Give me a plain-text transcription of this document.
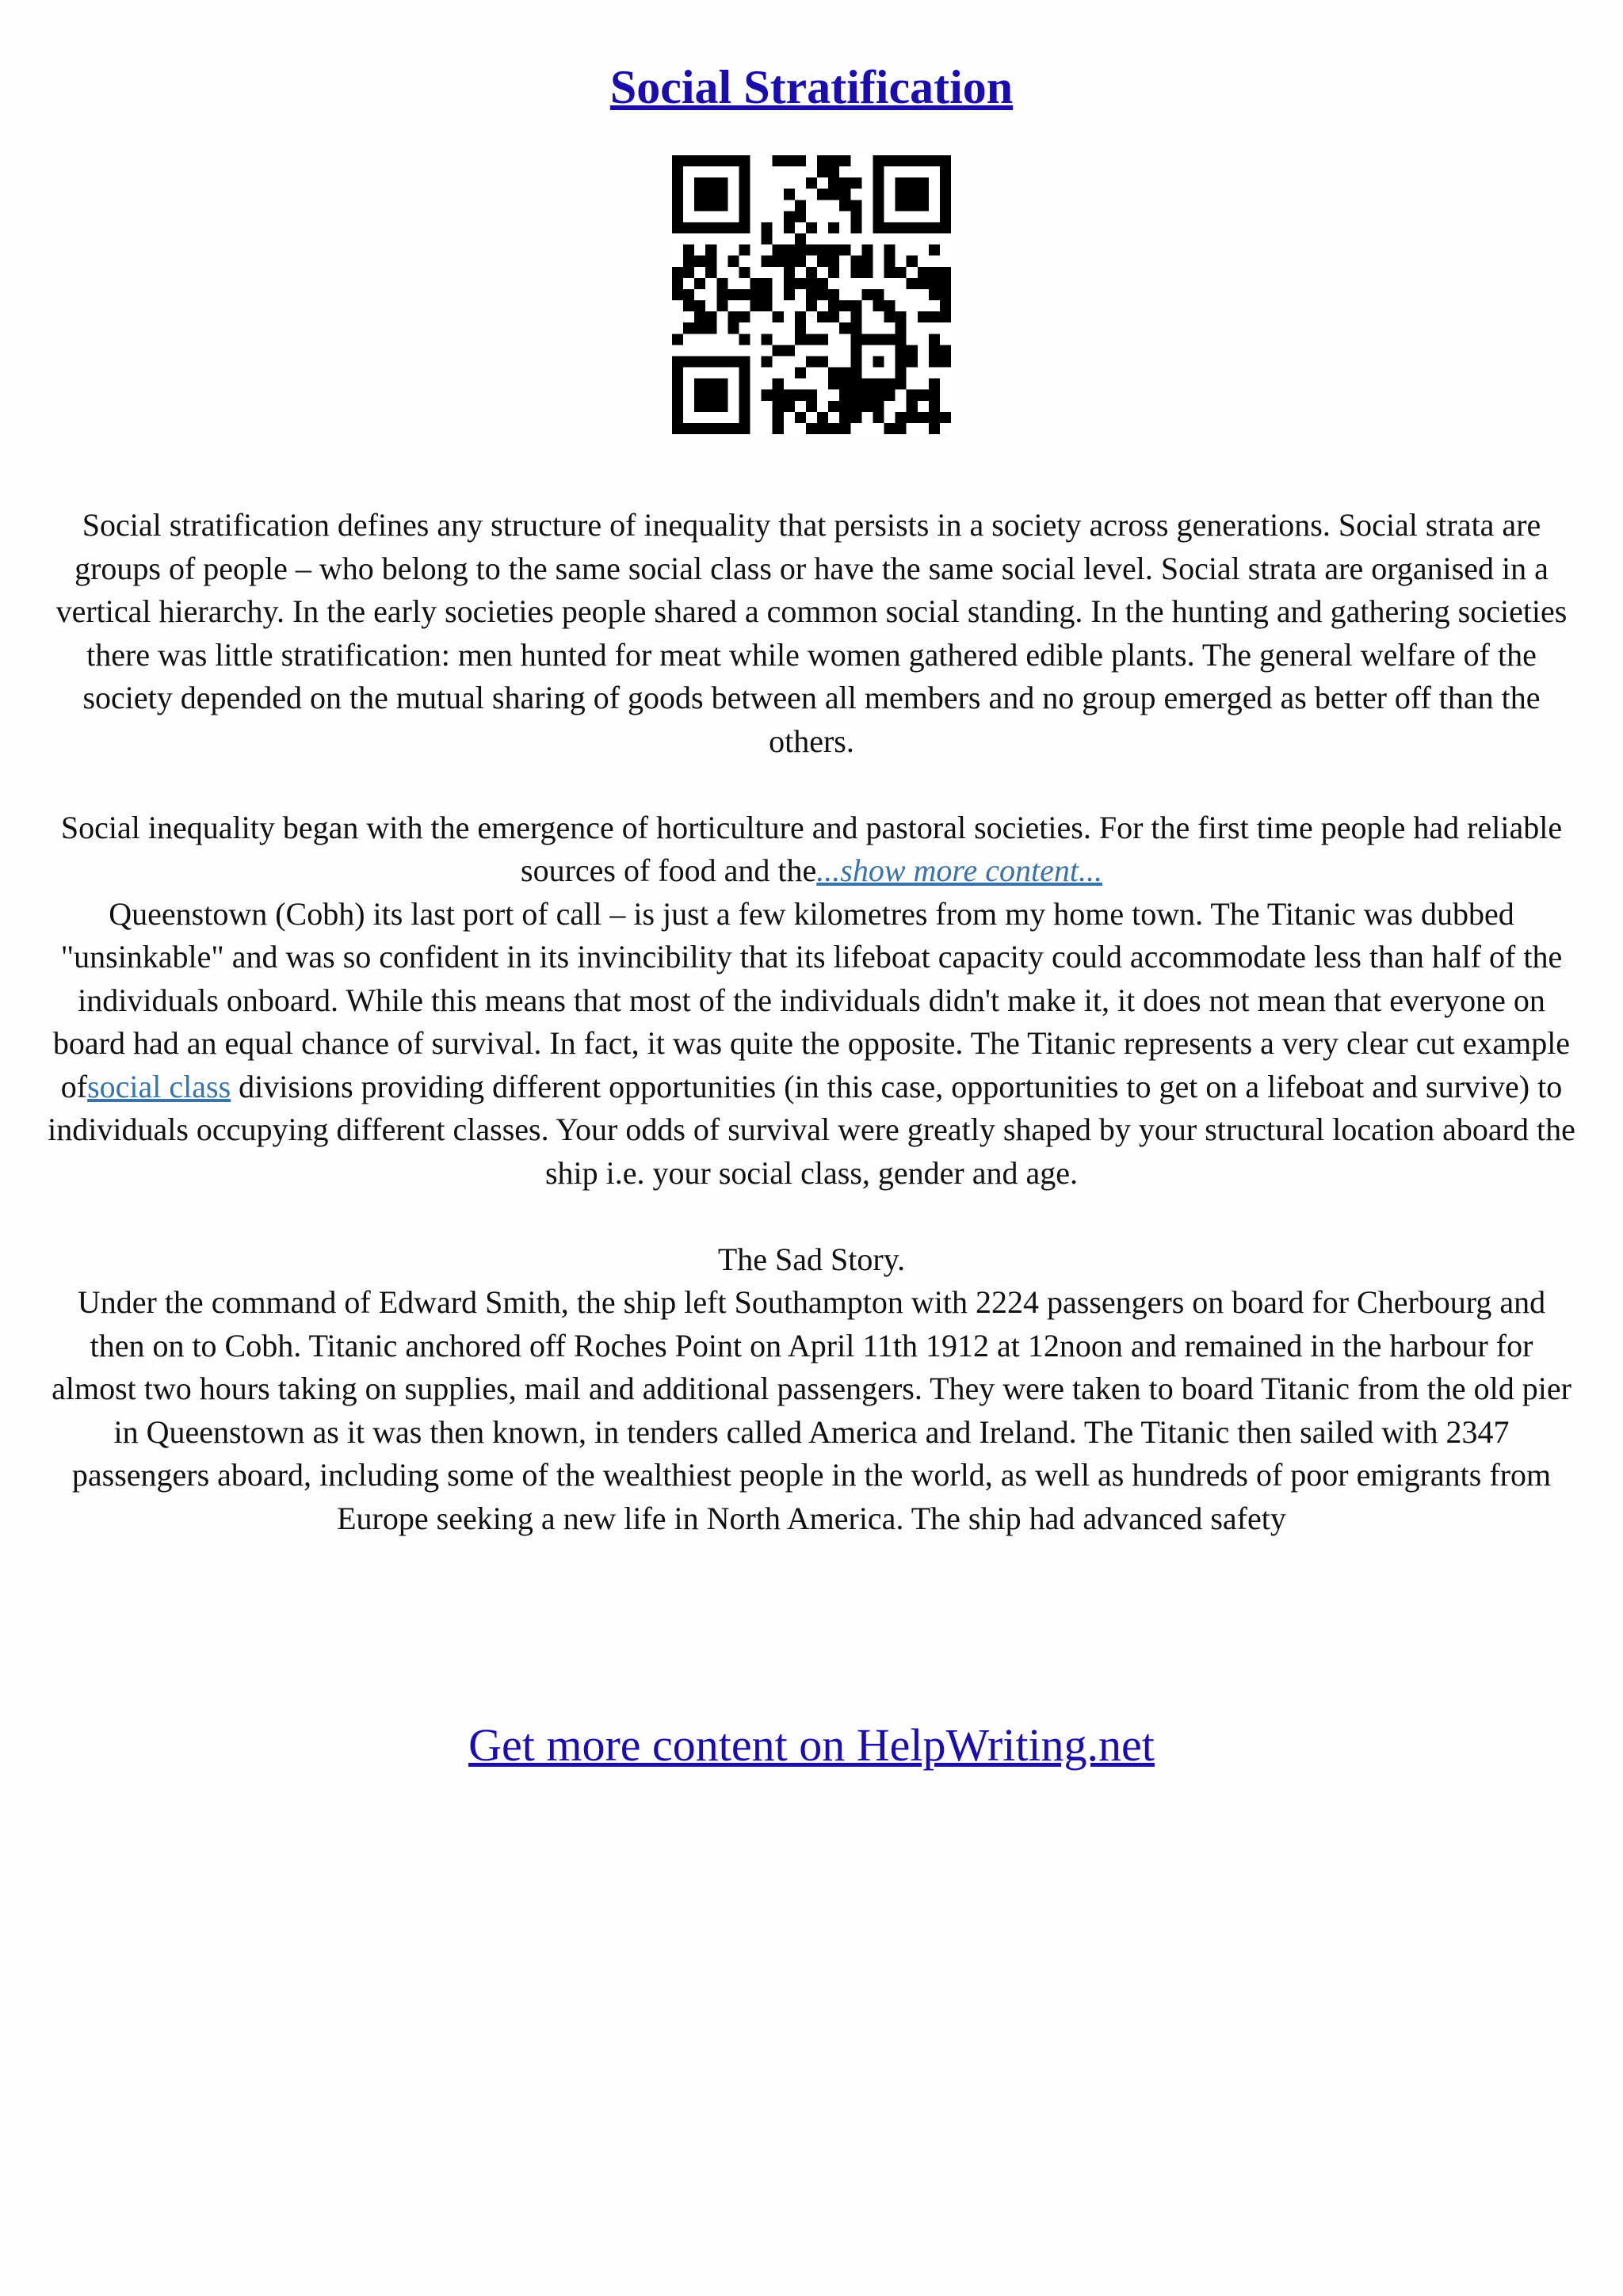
Social Stratification

Social stratification defines any structure of inequality that persists in a society across generations. Social strata are groups of people – who belong to the same social class or have the same social level. Social strata are organised in a vertical hierarchy. In the early societies people shared a common social standing. In the hunting and gathering societies there was little stratification: men hunted for meat while women gathered edible plants. The general welfare of the society depended on the mutual sharing of goods between all members and no group emerged as better off than the others.

Social inequality began with the emergence of horticulture and pastoral societies. For the first time people had reliable sources of food and the...show more content...

Queenstown (Cobh) its last port of call – is just a few kilometres from my home town. The Titanic was dubbed "unsinkable" and was so confident in its invincibility that its lifeboat capacity could accommodate less than half of the individuals onboard. While this means that most of the individuals didn't make it, it does not mean that everyone on board had an equal chance of survival. In fact, it was quite the opposite. The Titanic represents a very clear cut example ofsocial class divisions providing different opportunities (in this case, opportunities to get on a lifeboat and survive) to individuals occupying different classes. Your odds of survival were greatly shaped by your structural location aboard the ship i.e. your social class, gender and age.

The Sad Story.

Under the command of Edward Smith, the ship left Southampton with 2224 passengers on board for Cherbourg and then on to Cobh. Titanic anchored off Roches Point on April 11th 1912 at 12noon and remained in the harbour for almost two hours taking on supplies, mail and additional passengers. They were taken to board Titanic from the old pier in Queenstown as it was then known, in tenders called America and Ireland. The Titanic then sailed with 2347 passengers aboard, including some of the wealthiest people in the world, as well as hundreds of poor emigrants from Europe seeking a new life in North America. The ship had advanced safety

Get more content on HelpWriting.net
